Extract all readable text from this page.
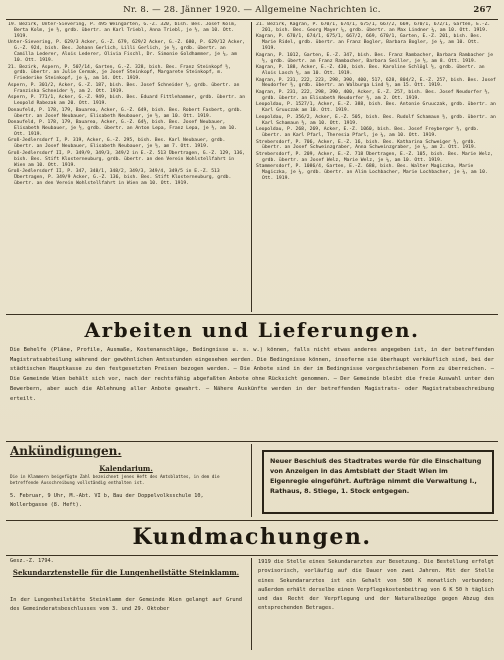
Nr. 8. — 28. Jänner 1920. — Allgemeine Nachrichten ic.	267
19. Bezirk, Unter-Sievering, P. 495 Weingarten, G.-Z. 320, bish. Bes. Josef Kolm, Berta Kolm, je ½, grdb. übertr. an Karl Triebl, Anna Triebl, je ½, am 10. Ott. 1919.
Unter-Sievering, P. 629/3 Acker, G.-Z. 679, 629/2 Acker, G.-Z. 680, P. 629/12 Acker, G.-Z. 924, bish. Bes. Johann Gerlich, Lilli Gerlich, je ½, grdb. übertr. an Camilla Lederer, Alois Lederer, Olivia Fischl, Dr. Simonie Goldhammer, je ¼, am 10. Ott. 1919.
21. Bezirk, Aspern, P. 507/14, Garten, G.-Z. 328, bish. Bes. Franz Steinkopf ½, grdb. übertr. an Julie Cermak, je Josef Steinkopf, Margarete Steinkopf, m. Friederike Steinkopf, je ⅛, am 14. Ott. 1919.
Aspern, P. 301/2, Acker, G.-Z. 187, bish. Bes. Josef Schneider ½, grdb. übertr. an Franziska Schneider ½, am 2. Ott. 1919.
Aspern, P. 771/1, Acker, G.-Z. 949, bish. Bes. Eduard Fittlehammer, grdb. übertr. an Leopold Rabezak am 20. Ott. 1919.
Donaufeld, P. 178, 179, Bauarea, Acker, G.-Z. 649, bish. Bes. Robert Fasbert, grdb. übertr. an Josef Neubauer, Elisabeth Neubauer, je ½, am 10. Ott. 1919.
Donaufeld, P. 178, 179, Bauarea, Acker, G.-Z. 64½, bish. Bes. Josef Neubauer, Elisabeth Neubauer, je ½, grdb. übertr. an Anton Lepa, Franz Lepa, je ½, am 10. Ott. 1919.
Groß-Jedlersdorf I, P. 319, Acker, G.-Z. 295, bish. Bes. Karl Neubauer, grdb. übertr. an Josef Neubauer, Elisabeth Neubauer, je ½, am 7. Ott. 1919.
Groß-Jedlersdorf II, P. 349/9, 349/3, 349/2 in E.-Z. 513 Übertragen, G.-Z. 129, 136, bish. Bes. Stift Klosterneuburg, grdb. übertr. an den Verein Wohlstellfahrt in Wien am 10. Ott. 1919.
Groß-Jedlersdorf II, P. 347, 348/1, 348/2, 349/3, 349/4, 349/5 in E.-Z. 513 Übertragen, P. 349/9 Acker, G.-Z. 136, bish. Bes. Stift Klosterneuburg, grdb. übertr. an den Verein Wohlstellfahrt in Wien am 10. Ott. 1919.
21. Bezirk, Kagran, P. 670/1, 674/1, 675/1, 667/2, 669, 670/1, 672/1, Garten, E.-Z. 201, bish. Bes. Georg Mayer ⅓, grdb. übertr. an Max Lindner ¼, am 10. Ott. 1919.
Kagran, P. 670/1, 674/1, 675/1, 667/2, 669, 670/1, Garten, E.-Z. 201, bish. Bes. Marie Ridel, grdb. übertr. an Franz Bogler, Barbara Bogler, je ¼, am 10. Ott. 1919.
Kagran, P. 1012, Garten, E.-Z. 347, bish. Bes. Franz Rambacher, Barbara Rambacher je ½, grdb. übertr. an Franz Rambacher, Barbara Seiller, je ½, am 8. Ott. 1919.
Kagran, P. 188, Acker, E.-Z. 430, bish. Bes. Karoline Schlögl ½, grdb. übertr. an Alois Lasch ½, am 10. Ott. 1919.
Kagran, P. 231, 222, 223, 298, 390, 400, 517, 628, 804/2, E.-Z. 257, bish. Bes. Josef Neudorfer ½, grdb. übertr. an Walburga Lind ½, am 15. Ott. 1919.
Kagran, P. 231, 222, 298, 390, 400, Acker, E.-Z. 257, bish. Bes. Josef Neudorfer ½, grdb. übertr. an Elisabeth Neudorfer ½, am 2. Ott. 1919.
Leopoldau, P. 1527/1, Acker, E.-Z. 388, bish. Bes. Antonie Gruuczak, grdb. übertr. an Karl Gruuczak am 10. Ott. 1919.
Leopoldau, P. 356/2, Acker, E.-Z. 505, bish. Bes. Rudolf Schamaun ½, grdb. übertr. an Karl Schamaun ½, am 10. Ott. 1919.
Leopoldau, P. 268, 269, Acker, E.-Z. 1060, bish. Bes. Josef Freyberger ½, grdb. übertr. an Karl Pfarl, Theresia Pfarl, je ¼, am 10. Ott. 1919.
Strebersdorf, P. 706, Acker, E.-Z. 16, bish. Bes. Katharina Schweiger ½, grdb. übertr. an Josef Schweinzgraber, Anna Schweinzgraber, je ¼, am 2. Ott. 1919.
Strebersdorf, P. 209, Acker, E.-Z. 718 Übertragen, E.-Z. 105, bish. Bes. Marie Welz, grdb. übertr. an Josef Welz, Marie Welz, je ¼, am 10. Ott. 1919.
Stammersdorf, P. 1086/4, Garten, E.-Z. 688, bish. Bes. Walter Magiczka, Marie Magiczka, je ¼, grdb. übertr. an Alim Lochbacher, Marie Lochbacher, je ¼, am 10. Ott. 1919.
Arbeiten und Lieferungen.
Die Behelfe (Pläne, Profile, Ausmaße, Kostenanschläge, Bedingnisse u. s. w.) können, falls nicht etwas anderes angegeben ist, in der betreffenden Magistratsabteilung während der gewöhnlichen Amtsstunden eingesehen werden. Die Bedingnisse können, insoferne sie überhaupt verkäuflich sind, bei der städtischen Hauptkasse zu den festgesetzten Preisen bezogen werden. — Die Anbote sind in der im Bedingnisse vorgeschriebenen Form zu überreichen. — Die Gemeinde Wien behält sich vor, nach der rechtsfähig abgefaßten Anbote ohne Rücksicht genommen. — Der Gemeinde bleibt die freie Auswahl unter den Bewerbern, aber auch die Ablehnung aller Anbote gewahrt. — Nähere Auskünfte werden in der betreffenden Magistrats- oder Magistratsbeschreibung erteilt.
Ankündigungen.
Kalendarium.
Die in Klammern beigefügte Zahl bezeichnet jenes Heft des Amtsblattes, in dem die betreffende Ausschreibung vollständig enthalten ist.
5. Februar, 9 Uhr, M.-Abt. VI b, Bau der Doppelvolksschule 10, Wollerbgasse (8. Heft).
Neuer Beschluß des Stadtrates werde für die Einschaltung von Anzeigen in das Amtsblatt der Stadt Wien im Eigenregie eingeführt. Aufträge nimmt die Verwaltung I., Rathaus, 8. Stiege, 1. Stock entgegen.
Kundmachungen.
Gesz.-Z. 1794.
Sekundarztenstelle für die Lungenheilstätte Steinklamm.
In der Lungenheilstätte Steinklamm der Gemeinde Wien gelangt auf Grund des Gemeinderatsbeschlusses vom 3. und 29. Oktober
1919 die Stelle eines Sekundararztes zur Besetzung. Die Bestellung erfolgt provisorisch, vorläufig auf die Dauer von zwei Jahren. Mit der Stelle eines Sekundararztes ist ein Gehalt von 500 K monatlich verbunden; außerdem erhält derselbe einen Verpflegskostenbeitrag von 6 K 50 h täglich und das Recht der Verpflegung und der Naturalbezüge gegen Abzug des entsprechenden Betrages.
